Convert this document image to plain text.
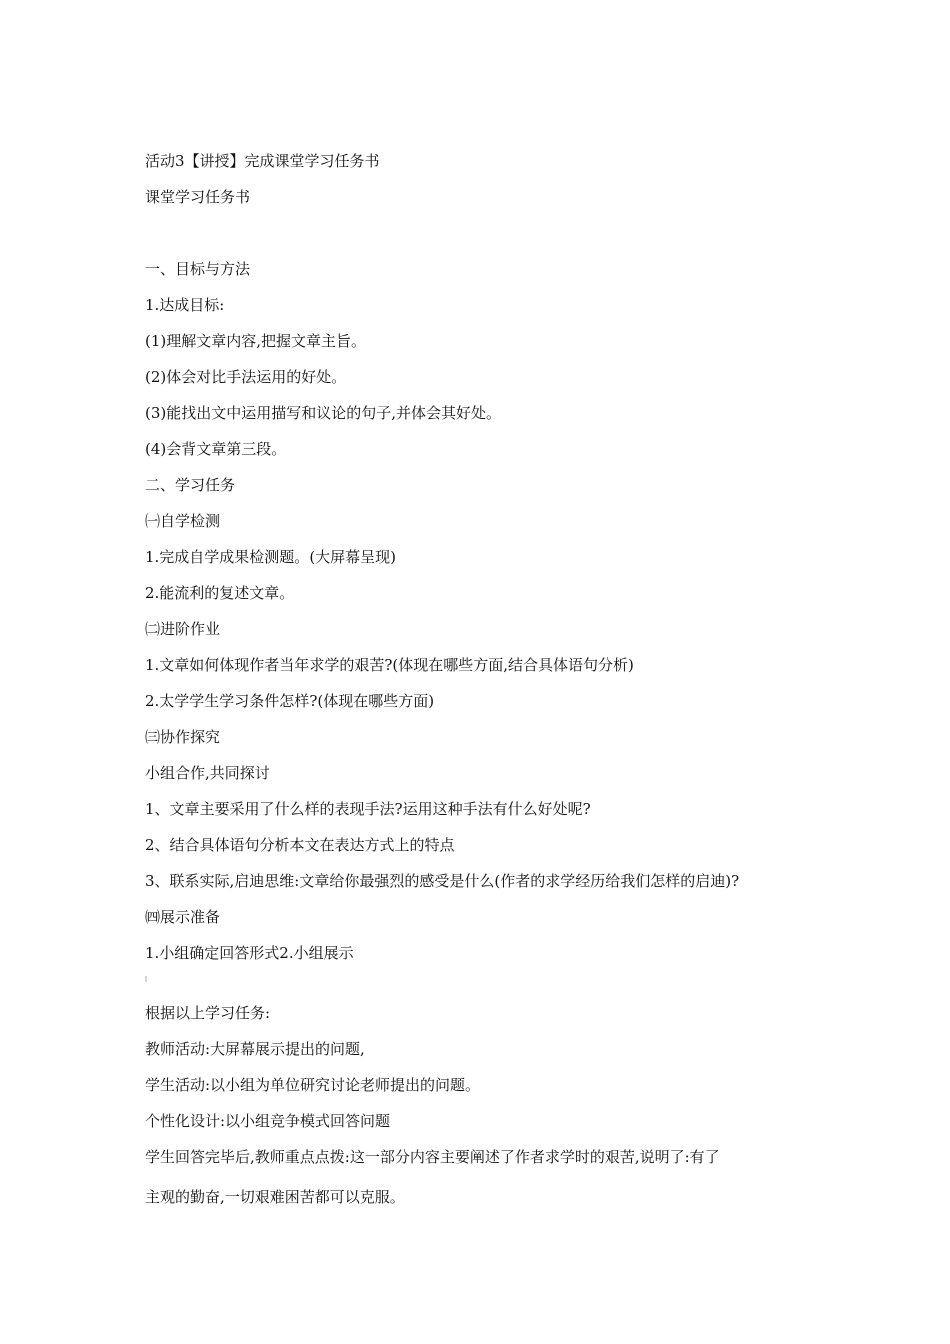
活动3【讲授】完成课堂学习任务书
课堂学习任务书
一、目标与方法
1.达成目标:
(1)理解文章内容,把握文章主旨。
(2)体会对比手法运用的好处。
(3)能找出文中运用描写和议论的句子,并体会其好处。
(4)会背文章第三段。
二、学习任务
㈠自学检测
1.完成自学成果检测题。(大屏幕呈现)
2.能流利的复述文章。
㈡进阶作业
1.文章如何体现作者当年求学的艰苦?(体现在哪些方面,结合具体语句分析)
2.太学学生学习条件怎样?(体现在哪些方面)
㈢协作探究
小组合作,共同探讨
1、文章主要采用了什么样的表现手法?运用这种手法有什么好处呢?
2、结合具体语句分析本文在表达方式上的特点
3、联系实际,启迪思维:文章给你最强烈的感受是什么(作者的求学经历给我们怎样的启迪)?
㈣展示准备
1.小组确定回答形式2.小组展示
根据以上学习任务:
教师活动:大屏幕展示提出的问题,
学生活动:以小组为单位研究讨论老师提出的问题。
个性化设计:以小组竞争模式回答问题
学生回答完毕后,教师重点点拨:这一部分内容主要阐述了作者求学时的艰苦,说明了:有了
主观的勤奋,一切艰难困苦都可以克服。
